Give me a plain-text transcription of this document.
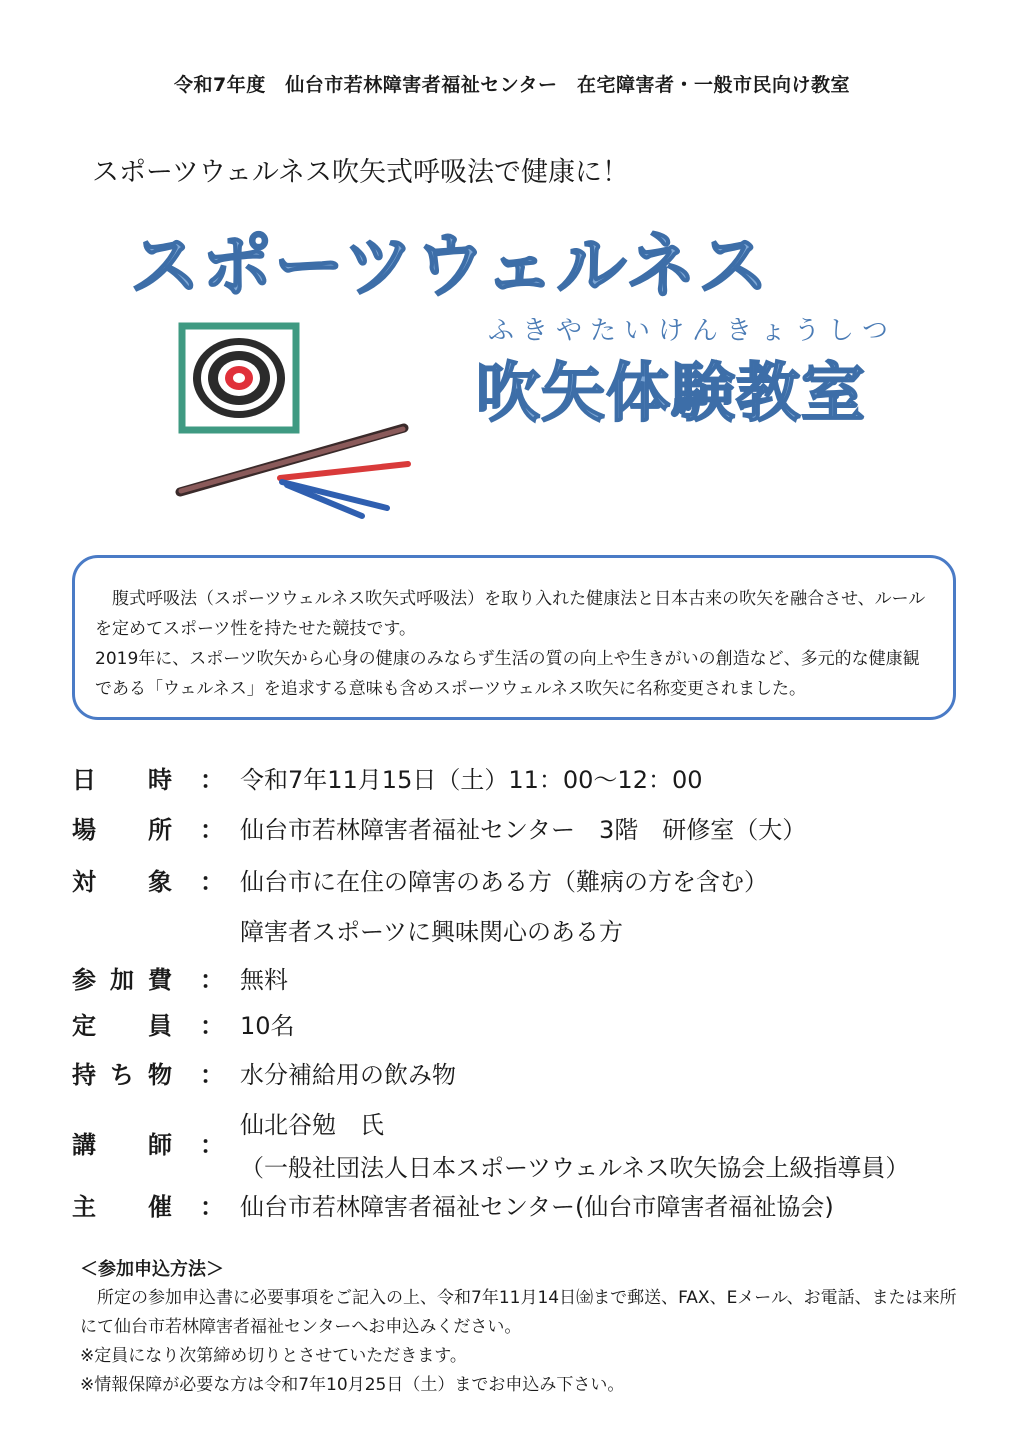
令和7年度　仙台市若林障害者福祉センター　在宅障害者・一般市民向け教室
スポーツウェルネス吹矢式呼吸法で健康に！
スポーツウェルネス
ふきやたいけんきょうしつ
吹矢体験教室

腹式呼吸法（スポーツウェルネス吹矢式呼吸法）を取り入れた健康法と日本古来の吹矢を融合させ、ルールを定めてスポーツ性を持たせた競技です。

2019年に、スポーツ吹矢から心身の健康のみならず生活の質の向上や生きがいの創造など、多元的な健康観である「ウェルネス」を追求する意味も含めスポーツウェルネス吹矢に名称変更されました。

日 時 ： 令和7年11月15日（土）11：00～12：00
場 所 ： 仙台市若林障害者福祉センター　3階　研修室（大）
対 象 ： 仙台市に在住の障害のある方（難病の方を含む）
障害者スポーツに興味関心のある方
参 加 費 ： 無料
定 員 ： 10名
持 ち 物 ： 水分補給用の飲み物
講 師 ：
仙北谷勉　氏
（一般社団法人日本スポーツウェルネス吹矢協会上級指導員）
主 催 ： 仙台市若林障害者福祉センター(仙台市障害者福祉協会)

＜参加申込方法＞

所定の参加申込書に必要事項をご記入の上、令和7年11月14日㈮まで郵送、FAX、Eメール、お電話、または来所にて仙台市若林障害者福祉センターへお申込みください。

※定員になり次第締め切りとさせていただきます。

※情報保障が必要な方は令和7年10月25日（土）までお申込み下さい。
